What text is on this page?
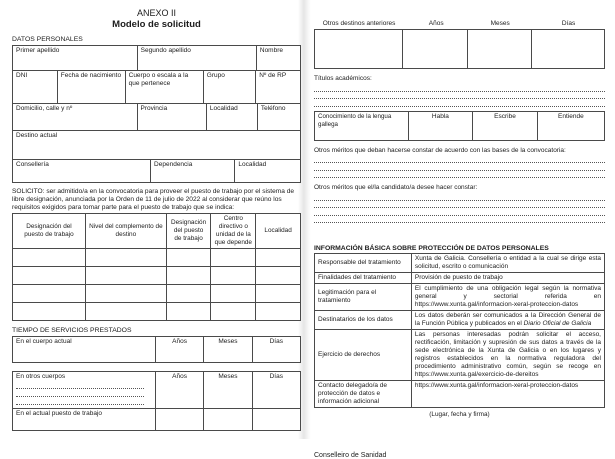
ANEXO II
Modelo de solicitud
DATOS PERSONALES
Primer apellido	Segundo apellido	Nombre
DNI	Fecha de nacimiento	Cuerpo o escala a la que pertenece	Grupo	Nº de RP
Domicilio, calle y nº	Provincia	Localidad	Teléfono
Destino actual
Consellería	Dependencia	Localidad

SOLICITO: ser admitido/a en la convocatoria para proveer el puesto de trabajo por el sistema de libre designación, anunciada por la Orden de 11 de julio de 2022 al considerar que reúno los requisitos exigidos para tomar parte para el puesto de trabajo que se indica:

Designación del puesto de trabajo	Nivel del complemento de destino	Designación del puesto de trabajo	Centro directivo o unidad de la que depende	Localidad

TIEMPO DE SERVICIOS PRESTADOS
En el cuerpo actual	Años	Meses	Días
En otros cuerpos	Años	Meses	Días
En el actual puesto de trabajo			
Otros destinos anteriores	Años	Meses	Días

Títulos académicos:
Conocimiento de la lengua gallega	Habla	Escribe	Entiende
Otros méritos que deban hacerse constar de acuerdo con las bases de la convocatoria:
Otros méritos que el/la candidato/a desee hacer constar:
INFORMACIÓN BÁSICA SOBRE PROTECCIÓN DE DATOS PERSONALES
Responsable del tratamiento	Xunta de Galicia. Consellería o entidad a la cual se dirige esta solicitud, escrito o comunicación
Finalidades del tratamiento	Provisión de puesto de trabajo
Legitimación para el tratamiento	El cumplimiento de una obligación legal según la normativa general y sectorial referida en https://www.xunta.gal/informacion-xeral-proteccion-datos
Destinatarios de los datos	Los datos deberán ser comunicados a la Dirección General de la Función Pública y publicados en el Diario Oficial de Galicia
Ejercicio de derechos	Las personas interesadas podrán solicitar el acceso, rectificación, limitación y supresión de sus datos a través de la sede electrónica de la Xunta de Galicia o en los lugares y registros establecidos en la normativa reguladora del procedimiento administrativo común, según se recoge en https://www.xunta.gal/exercicio-de-dereitos
Contacto delegado/a de protección de datos e información adicional	https://www.xunta.gal/informacion-xeral-proteccion-datos
(Lugar, fecha y firma)
Conselleiro de Sanidad
